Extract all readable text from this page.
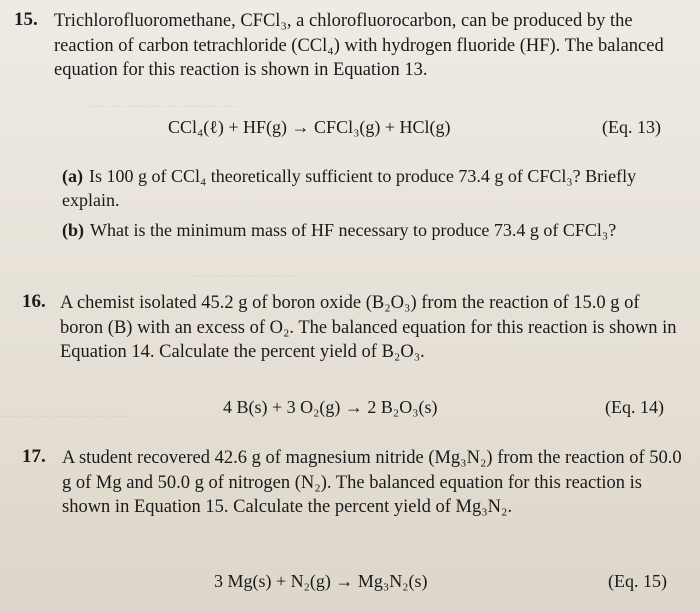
— — — — — — — —
— — — — — —
— — — — — — —
15. Trichlorofluoromethane, CFCl₃, a chlorofluorocarbon, can be produced by the reaction of carbon tetrachloride (CCl₄) with hydrogen fluoride (HF). The balanced equation for this reaction is shown in Equation 13.
CCl₄(ℓ) + HF(g) → CFCl₃(g) + HCl(g)	(Eq. 13)
(a) Is 100 g of CCl₄ theoretically sufficient to produce 73.4 g of CFCl₃? Briefly explain.
(b) What is the minimum mass of HF necessary to produce 73.4 g of CFCl₃?
16. A chemist isolated 45.2 g of boron oxide (B₂O₃) from the reaction of 15.0 g of boron (B) with an excess of O₂. The balanced equation for this reaction is shown in Equation 14. Calculate the percent yield of B₂O₃.
4 B(s) + 3 O₂(g) → 2 B₂O₃(s)	(Eq. 14)
17. A student recovered 42.6 g of magnesium nitride (Mg₃N₂) from the reaction of 50.0 g of Mg and 50.0 g of nitrogen (N₂). The balanced equation for this reaction is shown in Equation 15. Calculate the percent yield of Mg₃N₂.
3 Mg(s) + N₂(g) → Mg₃N₂(s)	(Eq. 15)
